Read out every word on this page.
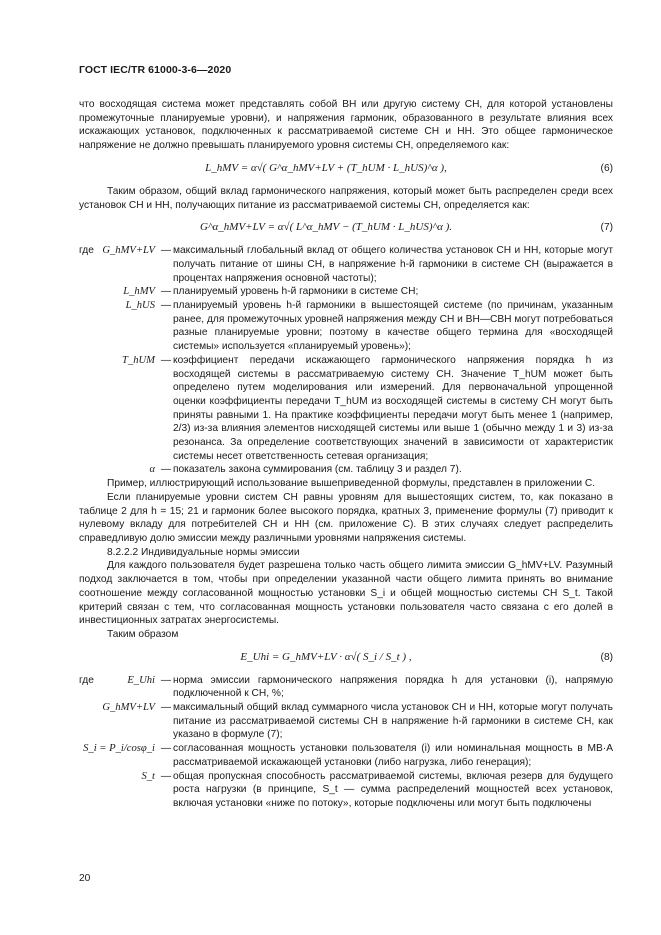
ГОСТ IEC/TR 61000-3-6—2020

что восходящая система может представлять собой ВН или другую систему СН, для которой установлены промежуточные планируемые уровни), и напряжения гармоник, образованного в результате влияния всех искажающих установок, подключенных к рассматриваемой системе СН и НН. Это общее гармоническое напряжение не должно превышать планируемого уровня системы СН, определяемого как:

L_hMV = α√( G^α_hMV+LV + (T_hUM · L_hUS)^α ),	(6)

Таким образом, общий вклад гармонического напряжения, который может быть распределен среди всех установок СН и НН, получающих питание из рассматриваемой системы СН, определяется как:

G^α_hMV+LV = α√( L^α_hMV − (T_hUM · L_hUS)^α ).	(7)
где G_hMV+LV — максимальный глобальный вклад от общего количества установок СН и НН, которые могут получать питание от шины СН, в напряжение h-й гармоники в системе СН (выражается в процентах напряжения основной частоты);
L_hMV — планируемый уровень h-й гармоники в системе СН;
L_hUS — планируемый уровень h-й гармоники в вышестоящей системе (по причинам, указанным ранее, для промежуточных уровней напряжения между СН и ВН—СВН могут потребоваться разные планируемые уровни; поэтому в качестве общего термина для «восходящей системы» используется «планируемый уровень»);
T_hUM — коэффициент передачи искажающего гармонического напряжения порядка h из восходящей системы в рассматриваемую систему СН. Значение T_hUM может быть определено путем моделирования или измерений. Для первоначальной упрощенной оценки коэффициенты передачи T_hUM из восходящей системы в систему СН могут быть приняты равными 1. На практике коэффициенты передачи могут быть менее 1 (например, 2/3) из-за влияния элементов нисходящей системы или выше 1 (обычно между 1 и 3) из-за резонанса. За определение соответствующих значений в зависимости от характеристик системы несет ответственность сетевая организация;
α — показатель закона суммирования (см. таблицу 3 и раздел 7).

Пример, иллюстрирующий использование вышеприведенной формулы, представлен в приложении С.

Если планируемые уровни систем СН равны уровням для вышестоящих систем, то, как показано в таблице 2 для h = 15; 21 и гармоник более высокого порядка, кратных 3, применение формулы (7) приводит к нулевому вкладу для потребителей СН и НН (см. приложение С). В этих случаях следует распределить справедливую долю эмиссии между различными уровнями напряжения системы.

8.2.2.2 Индивидуальные нормы эмиссии

Для каждого пользователя будет разрешена только часть общего лимита эмиссии G_hMV+LV. Разумный подход заключается в том, чтобы при определении указанной части общего лимита принять во внимание соотношение между согласованной мощностью установки S_i и общей мощностью системы СН S_t. Такой критерий связан с тем, что согласованная мощность установки пользователя часто связана с его долей в инвестиционных затратах энергосистемы.

Таким образом

E_Uhi = G_hMV+LV · α√( S_i / S_t ) ,	(8)
где	E_Uhi — норма эмиссии гармонического напряжения порядка h для установки (i), напрямую подключенной к СН, %;
G_hMV+LV — максимальный общий вклад суммарного числа установок СН и НН, которые могут получать питание из рассматриваемой системы СН в напряжение h-й гармоники в системе СН, как указано в формуле (7);
S_i = P_i/cosφ_i — согласованная мощность установки пользователя (i) или номинальная мощность в МВ·А рассматриваемой искажающей установки (либо нагрузка, либо генерация);
S_t — общая пропускная способность рассматриваемой системы, включая резерв для будущего роста нагрузки (в принципе, S_t — сумма распределений мощностей всех установок, включая установки «ниже по потоку», которые подключены или могут быть подключены
20
